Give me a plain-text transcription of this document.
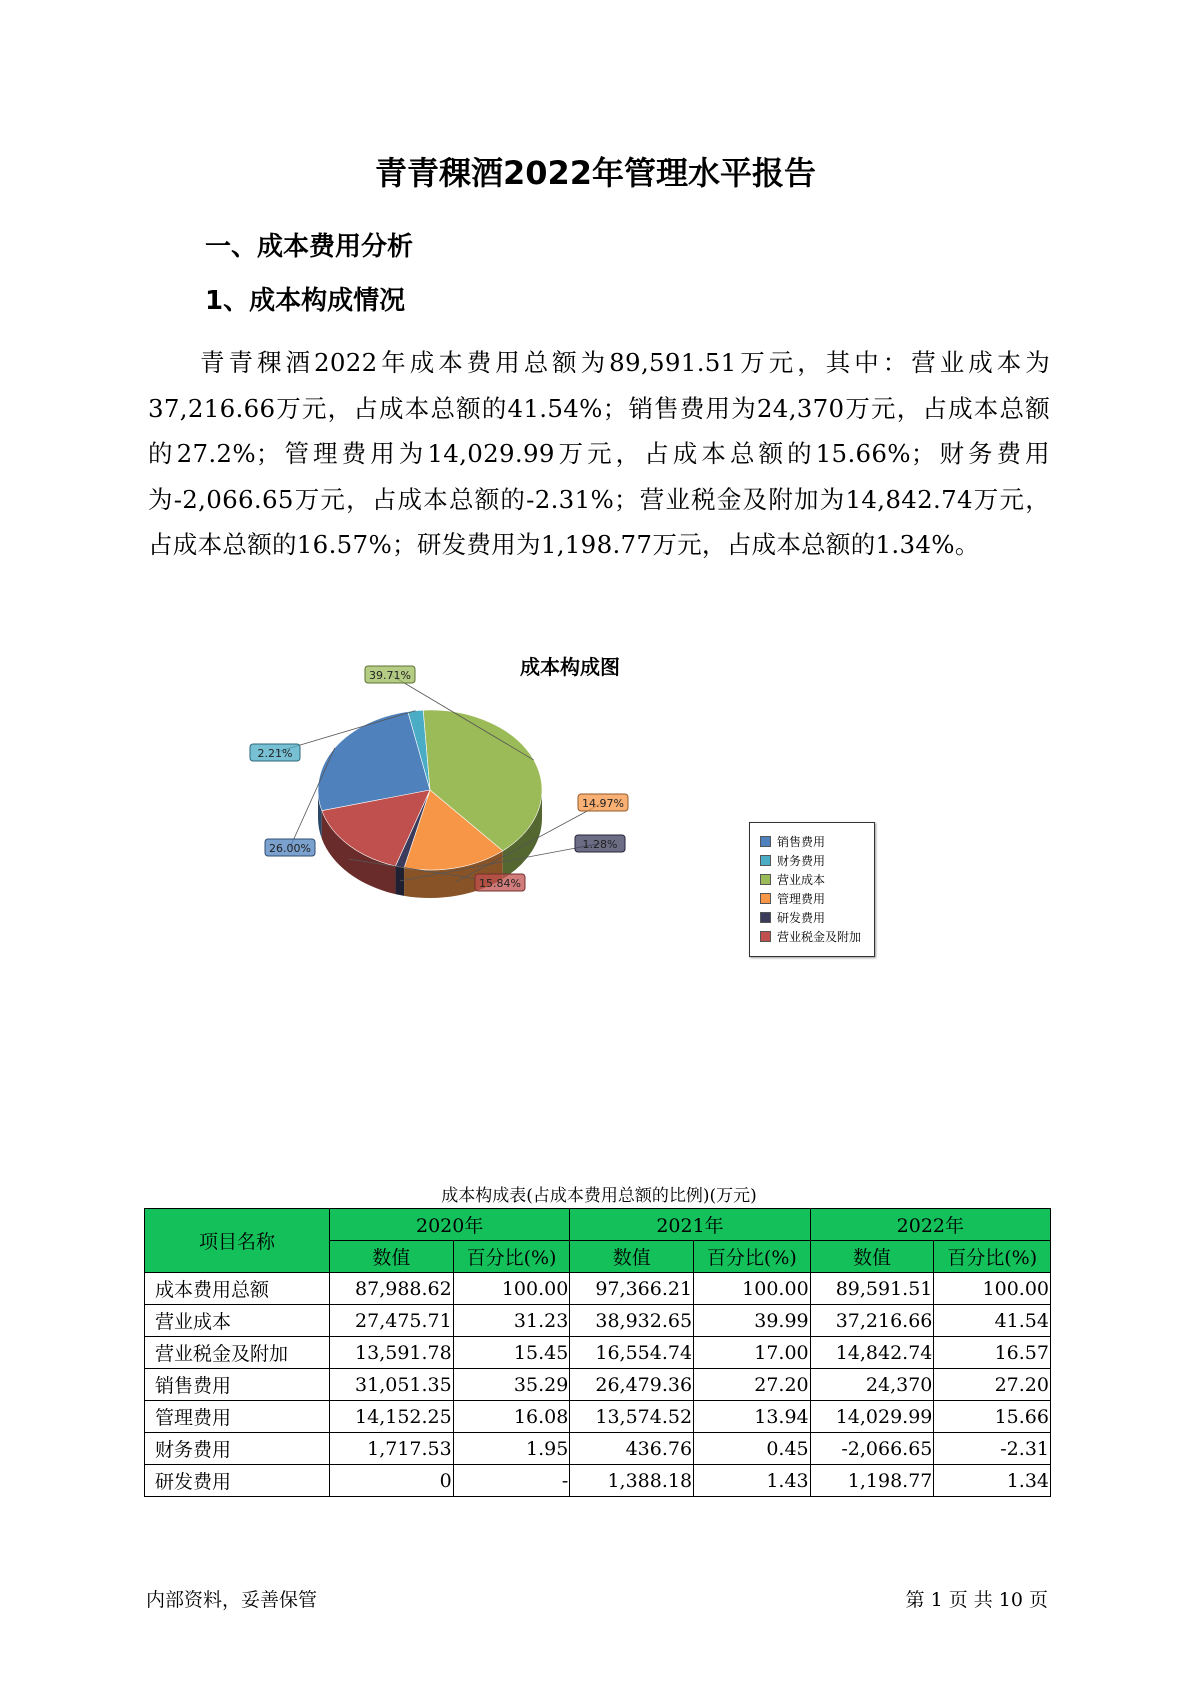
青青稞酒2022年管理水平报告
一、成本费用分析
1、成本构成情况
青青稞酒2022年成本费用总额为89,591.51万元，其中：营业成本为37,216.66万元，占成本总额的41.54%；销售费用为24,370万元，占成本总额的27.2%；管理费用为14,029.99万元，占成本总额的15.66%；财务费用为-2,066.65万元，占成本总额的-2.31%；营业税金及附加为14,842.74万元，占成本总额的16.57%；研发费用为1,198.77万元，占成本总额的1.34%。
成本构成图
26.00%
2.21%
39.71%
14.97%
1.28%
15.84%
销售费用
财务费用
营业成本
管理费用
研发费用
营业税金及附加
成本构成表(占成本费用总额的比例)(万元)
项目名称	2020年		2021年		2022年	
	数值	百分比(%)	数值	百分比(%)	数值	百分比(%)
成本费用总额	87,988.62	100.00	97,366.21	100.00	89,591.51	100.00
营业成本	27,475.71	31.23	38,932.65	39.99	37,216.66	41.54
营业税金及附加	13,591.78	15.45	16,554.74	17.00	14,842.74	16.57
销售费用	31,051.35	35.29	26,479.36	27.20	24,370	27.20
管理费用	14,152.25	16.08	13,574.52	13.94	14,029.99	15.66
财务费用	1,717.53	1.95	436.76	0.45	-2,066.65	-2.31
研发费用	0	-	1,388.18	1.43	1,198.77	1.34
内部资料，妥善保管	第 1 页 共 10 页
